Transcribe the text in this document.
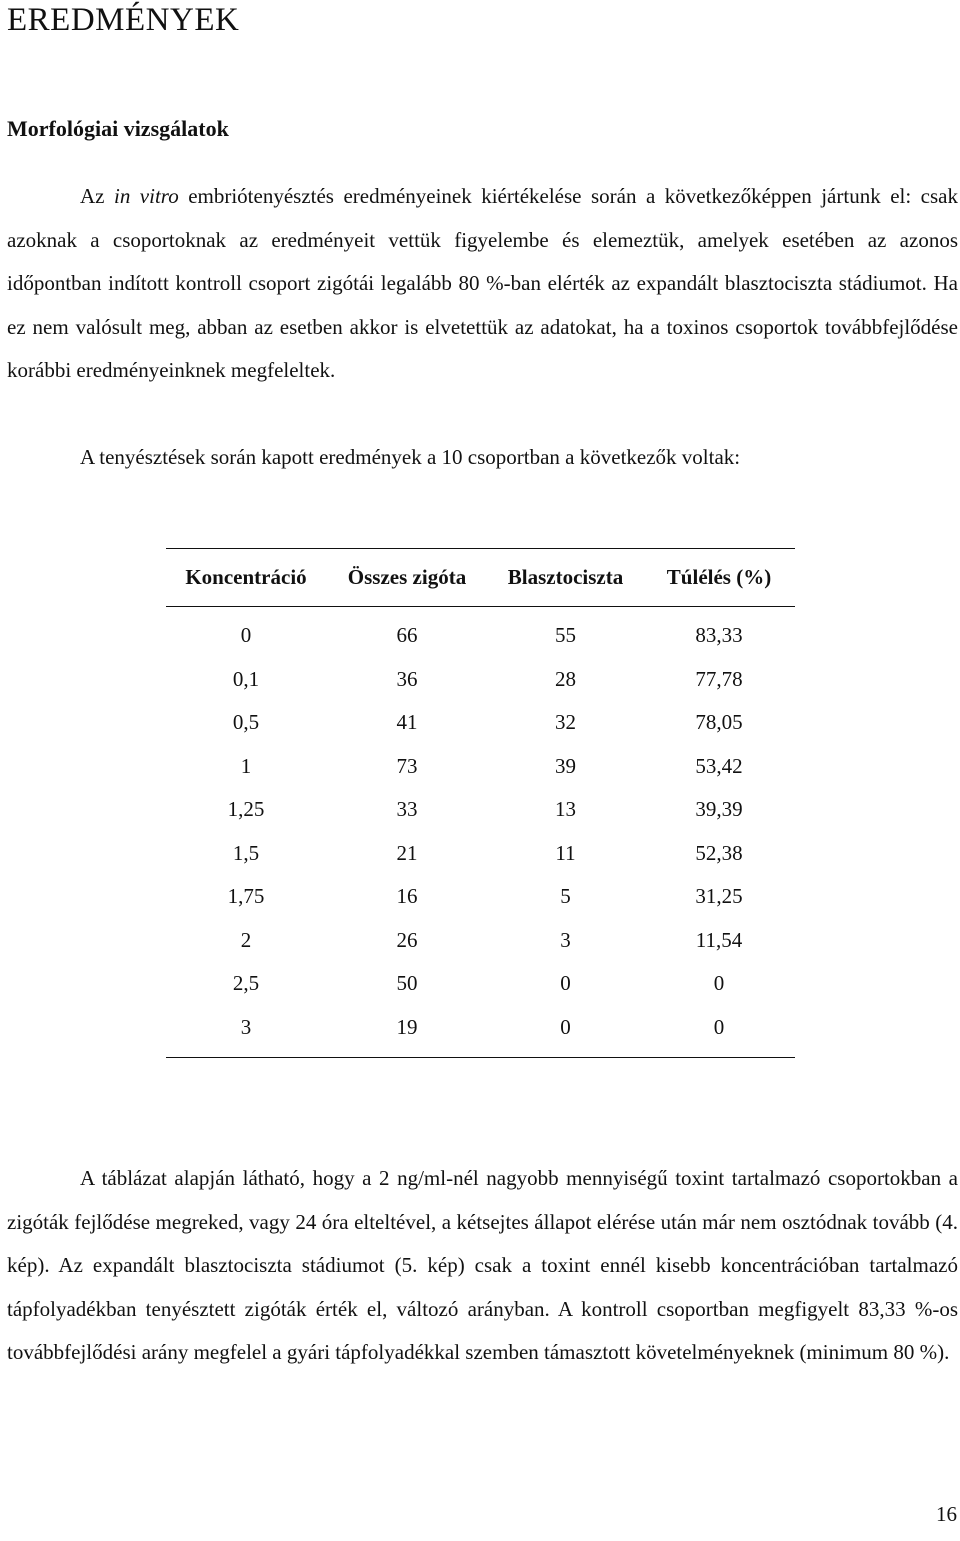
EREDMÉNYEK
Morfológiai vizsgálatok

Az in vitro embriótenyésztés eredményeinek kiértékelése során a következőképpen jártunk el: csak azoknak a csoportoknak az eredményeit vettük figyelembe és elemeztük, amelyek esetében az azonos időpontban indított kontroll csoport zigótái legalább 80 %-ban elérték az expandált blasztociszta stádiumot. Ha ez nem valósult meg, abban az esetben akkor is elvetettük az adatokat, ha a toxinos csoportok továbbfejlődése korábbi eredményeinknek megfeleltek.

A tenyésztések során kapott eredmények a 10 csoportban a következők voltak:

Koncentráció	Összes zigóta	Blasztociszta	Túlélés (%)
0	66	55	83,33
0,1	36	28	77,78
0,5	41	32	78,05
1	73	39	53,42
1,25	33	13	39,39
1,5	21	11	52,38
1,75	16	5	31,25
2	26	3	11,54
2,5	50	0	0
3	19	0	0

A táblázat alapján látható, hogy a 2 ng/ml-nél nagyobb mennyiségű toxint tartalmazó csoportokban a zigóták fejlődése megreked, vagy 24 óra elteltével, a kétsejtes állapot elérése után már nem osztódnak tovább (4. kép). Az expandált blasztociszta stádiumot (5. kép) csak a toxint ennél kisebb koncentrációban tartalmazó tápfolyadékban tenyésztett zigóták érték el, változó arányban. A kontroll csoportban megfigyelt 83,33 %-os továbbfejlődési arány megfelel a gyári tápfolyadékkal szemben támasztott követelményeknek (minimum 80 %).

16
